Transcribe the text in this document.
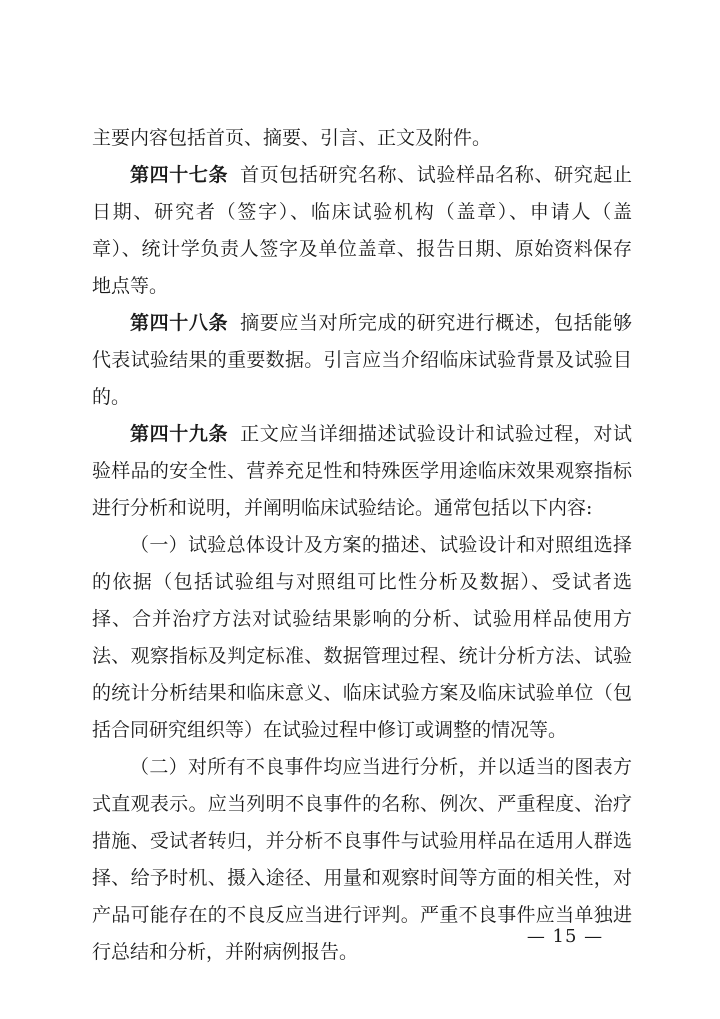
主要内容包括首页、摘要、引言、正文及附件。

第四十七条 首页包括研究名称、试验样品名称、研究起止日期、研究者（签字）、临床试验机构（盖章）、申请人（盖章）、统计学负责人签字及单位盖章、报告日期、原始资料保存地点等。

第四十八条 摘要应当对所完成的研究进行概述，包括能够代表试验结果的重要数据。引言应当介绍临床试验背景及试验目的。

第四十九条 正文应当详细描述试验设计和试验过程，对试验样品的安全性、营养充足性和特殊医学用途临床效果观察指标进行分析和说明，并阐明临床试验结论。通常包括以下内容:

（一）试验总体设计及方案的描述、试验设计和对照组选择的依据（包括试验组与对照组可比性分析及数据）、受试者选择、合并治疗方法对试验结果影响的分析、试验用样品使用方法、观察指标及判定标准、数据管理过程、统计分析方法、试验的统计分析结果和临床意义、临床试验方案及临床试验单位（包括合同研究组织等）在试验过程中修订或调整的情况等。

（二）对所有不良事件均应当进行分析，并以适当的图表方式直观表示。应当列明不良事件的名称、例次、严重程度、治疗措施、受试者转归，并分析不良事件与试验用样品在适用人群选择、给予时机、摄入途径、用量和观察时间等方面的相关性，对产品可能存在的不良反应当进行评判。严重不良事件应当单独进行总结和分析，并附病例报告。

— 15 —
